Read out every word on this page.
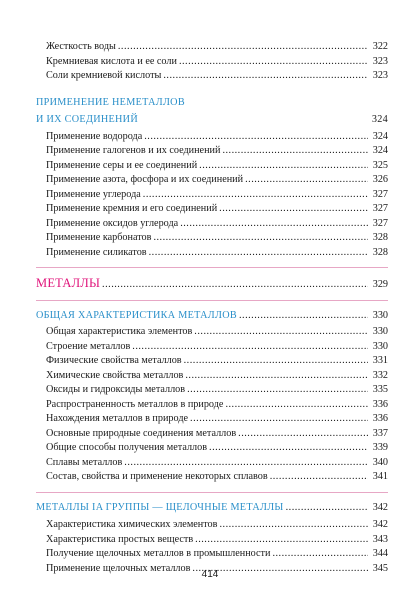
Жесткость воды .....	322
Кремниевая кислота и ее соли .....	323
Соли кремниевой кислоты .....	323
ПРИМЕНЕНИЕ НЕМЕТАЛЛОВ
И ИХ СОЕДИНЕНИЙ	324
Применение водорода .....	324
Применение галогенов и их соединений .....	324
Применение серы и ее соединений .....	325
Применение азота, фосфора и их соединений .....	326
Применение углерода .....	327
Применение кремния и его соединений .....	327
Применение оксидов углерода .....	327
Применение карбонатов .....	328
Применение силикатов .....	328
МЕТАЛЛЫ .....	329
ОБЩАЯ ХАРАКТЕРИСТИКА МЕТАЛЛОВ .....	330
Общая характеристика элементов .....	330
Строение металлов .....	330
Физические свойства металлов .....	331
Химические свойства металлов .....	332
Оксиды и гидроксиды металлов .....	335
Распространенность металлов в природе .....	336
Нахождения металлов в природе .....	336
Основные природные соединения металлов .....	337
Общие способы получения металлов .....	339
Сплавы металлов .....	340
Состав, свойства и применение некоторых сплавов .....	341
МЕТАЛЛЫ IA ГРУППЫ — ЩЕЛОЧНЫЕ МЕТАЛЛЫ .....	342
Характеристика химических элементов .....	342
Характеристика простых веществ .....	343
Получение щелочных металлов в промышленности .....	344
Применение щелочных металлов .....	345
414
